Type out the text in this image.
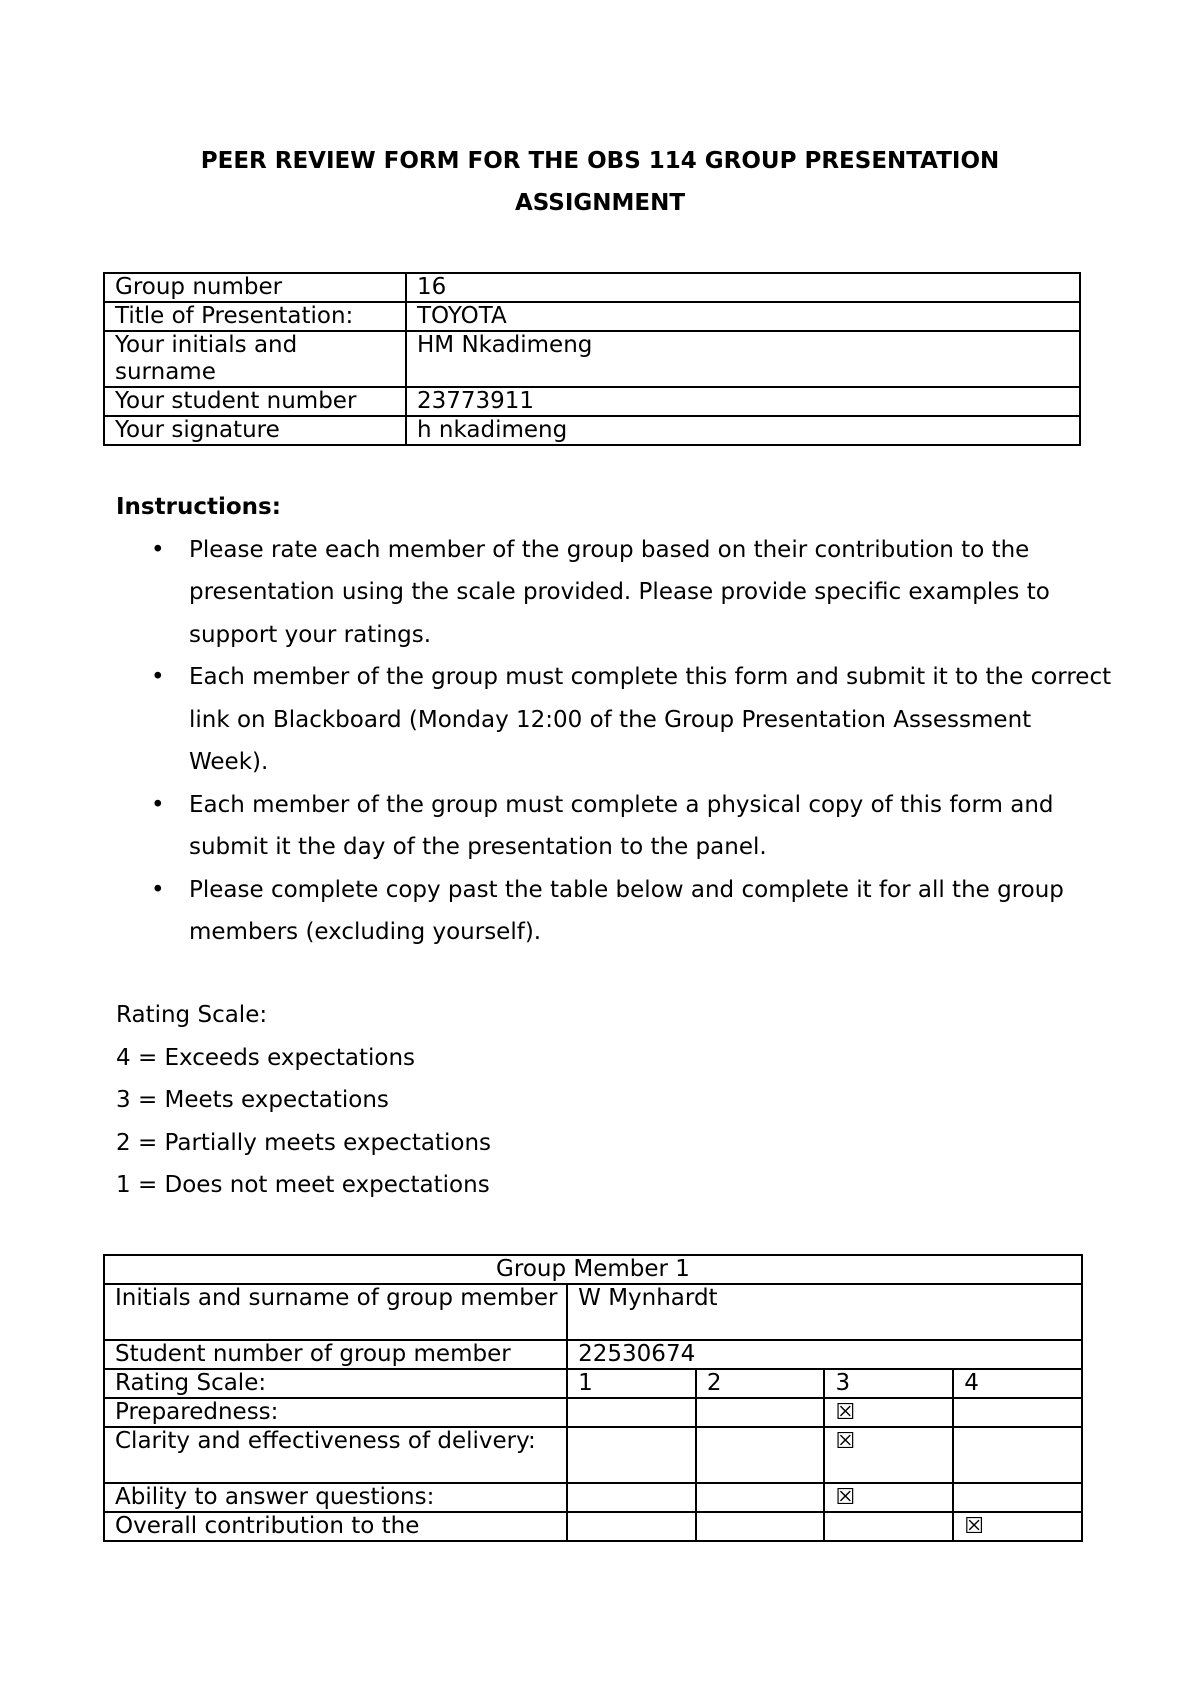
PEER REVIEW FORM FOR THE OBS 114 GROUP PRESENTATION
ASSIGNMENT
Group number	16
Title of Presentation:	TOYOTA
Your initials and surname	HM Nkadimeng
Your student number	23773911
Your signature	h nkadimeng
Instructions:
• Please rate each member of the group based on their contribution to the presentation using the scale provided. Please provide specific examples to support your ratings.
• Each member of the group must complete this form and submit it to the correct link on Blackboard (Monday 12:00 of the Group Presentation Assessment Week).
• Each member of the group must complete a physical copy of this form and submit it the day of the presentation to the panel.
• Please complete copy past the table below and complete it for all the group members (excluding yourself).
Rating Scale:
4 = Exceeds expectations
3 = Meets expectations
2 = Partially meets expectations
1 = Does not meet expectations
Group Member 1				
Initials and surname of group member	W Mynhardt			
Student number of group member	22530674			
Rating Scale:	1	2	3	4
Preparedness:			☒	
Clarity and effectiveness of delivery:			☒	
Ability to answer questions:			☒	
Overall contribution to the				☒
